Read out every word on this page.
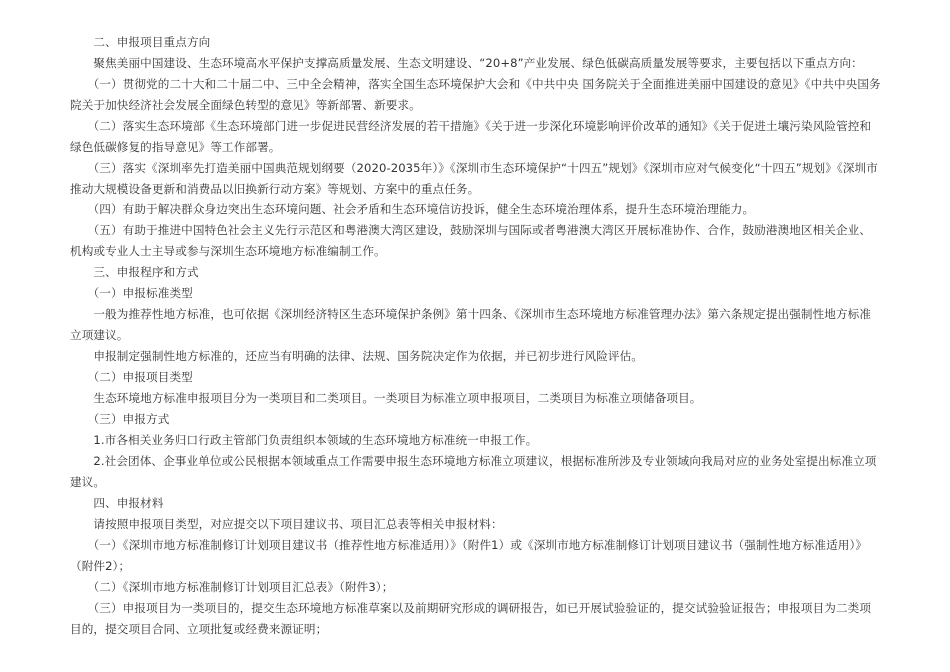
　　二、申报项目重点方向
　　聚焦美丽中国建设、生态环境高水平保护支撑高质量发展、生态文明建设、“20+8”产业发展、绿色低碳高质量发展等要求，主要包括以下重点方向：
　　（一）贯彻党的二十大和二十届二中、三中全会精神，落实全国生态环境保护大会和《中共中央 国务院关于全面推进美丽中国建设的意见》《中共中央国务院关于加快经济社会发展全面绿色转型的意见》等新部署、新要求。
　　（二）落实生态环境部《生态环境部门进一步促进民营经济发展的若干措施》《关于进一步深化环境影响评价改革的通知》《关于促进土壤污染风险管控和绿色低碳修复的指导意见》等工作部署。
　　（三）落实《深圳率先打造美丽中国典范规划纲要（2020-2035年）》《深圳市生态环境保护“十四五”规划》《深圳市应对气候变化“十四五”规划》《深圳市推动大规模设备更新和消费品以旧换新行动方案》等规划、方案中的重点任务。
　　（四）有助于解决群众身边突出生态环境问题、社会矛盾和生态环境信访投诉，健全生态环境治理体系，提升生态环境治理能力。
　　（五）有助于推进中国特色社会主义先行示范区和粤港澳大湾区建设，鼓励深圳与国际或者粤港澳大湾区开展标准协作、合作，鼓励港澳地区相关企业、机构或专业人士主导或参与深圳生态环境地方标准编制工作。
　　三、申报程序和方式
　　（一）申报标准类型
　　一般为推荐性地方标准，也可依据《深圳经济特区生态环境保护条例》第十四条、《深圳市生态环境地方标准管理办法》第六条规定提出强制性地方标准立项建议。
　　申报制定强制性地方标准的，还应当有明确的法律、法规、国务院决定作为依据，并已初步进行风险评估。
　　（二）申报项目类型
　　生态环境地方标准申报项目分为一类项目和二类项目。一类项目为标准立项申报项目，二类项目为标准立项储备项目。
　　（三）申报方式
　　1.市各相关业务归口行政主管部门负责组织本领域的生态环境地方标准统一申报工作。
　　2.社会团体、企事业单位或公民根据本领域重点工作需要申报生态环境地方标准立项建议，根据标准所涉及专业领域向我局对应的业务处室提出标准立项建议。
　　四、申报材料
　　请按照申报项目类型，对应提交以下项目建议书、项目汇总表等相关申报材料：
　　（一）《深圳市地方标准制修订计划项目建议书（推荐性地方标准适用）》（附件1）或《深圳市地方标准制修订计划项目建议书（强制性地方标准适用）》（附件2）；
　　（二）《深圳市地方标准制修订计划项目汇总表》（附件3）；
　　（三）申报项目为一类项目的，提交生态环境地方标准草案以及前期研究形成的调研报告，如已开展试验验证的，提交试验验证报告；申报项目为二类项目的，提交项目合同、立项批复或经费来源证明；
